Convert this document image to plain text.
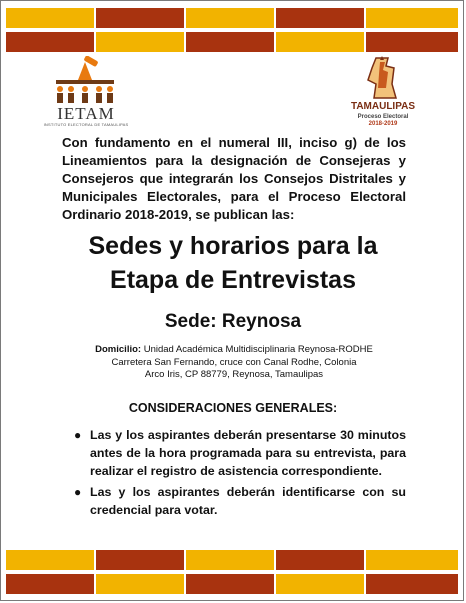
IETAM
INSTITUTO ELECTORAL DE TAMAULIPAS
TAMAULIPAS
Proceso Electoral
2018-2019
Con fundamento en el numeral III, inciso g) de los Lineamientos para la designación de Consejeras y Consejeros que integrarán los Consejos Distritales y Municipales Electorales, para el Proceso Electoral Ordinario 2018-2019, se publican las:
Sedes y horarios para la
Etapa de Entrevistas
Sede: Reynosa
Domicilio: Unidad Académica Multidisciplinaria Reynosa-RODHE
Carretera San Fernando, cruce con Canal Rodhe, Colonia
Arco Iris, CP 88779, Reynosa, Tamaulipas
CONSIDERACIONES GENERALES:
● Las y los aspirantes deberán presentarse 30 minutos antes de la hora programada para su entrevista, para realizar el registro de asistencia correspondiente.
● Las y los aspirantes deberán identificarse con su credencial para votar.
